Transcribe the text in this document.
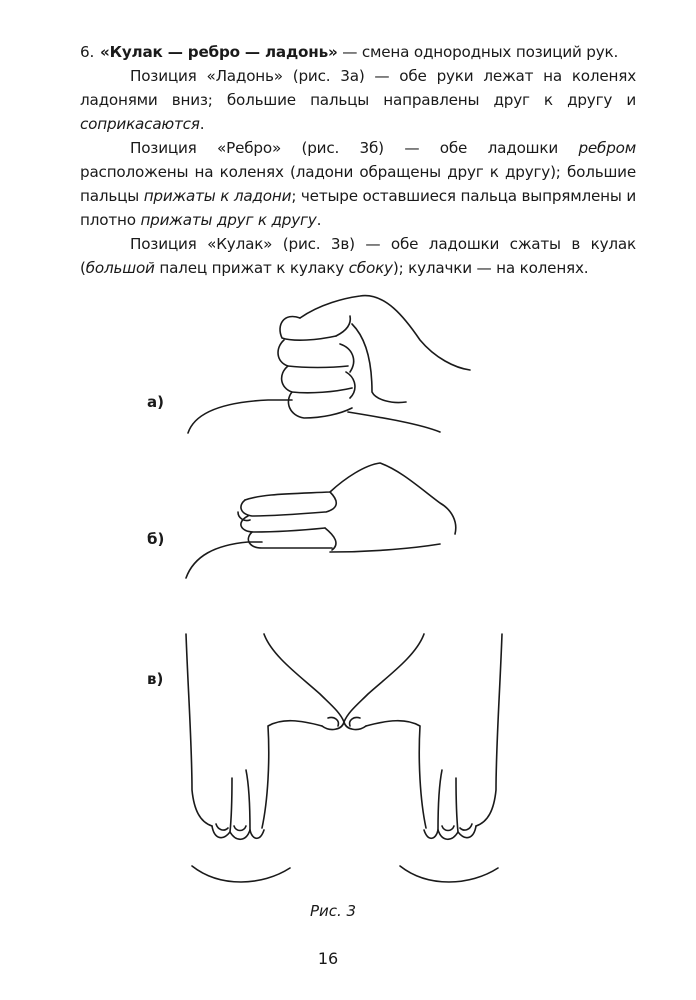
6. «Кулак — ребро — ладонь» — смена однородных позиций рук.

Позиция «Ладонь» (рис. 3а) — обе руки лежат на коленях ладонями вниз; большие пальцы направлены друг к другу и соприкасаются.

Позиция «Ребро» (рис. 3б) — обе ладошки ребром расположены на коленях (ладони обращены друг к другу); большие пальцы прижаты к ладони; четыре оставшиеся пальца выпрямлены и плотно прижаты друг к другу.

Позиция «Кулак» (рис. 3в) — обе ладошки сжаты в кулак (большой палец прижат к кулаку сбоку); кулачки — на коленях.

а)
б)
в)
Рис. 3
16
